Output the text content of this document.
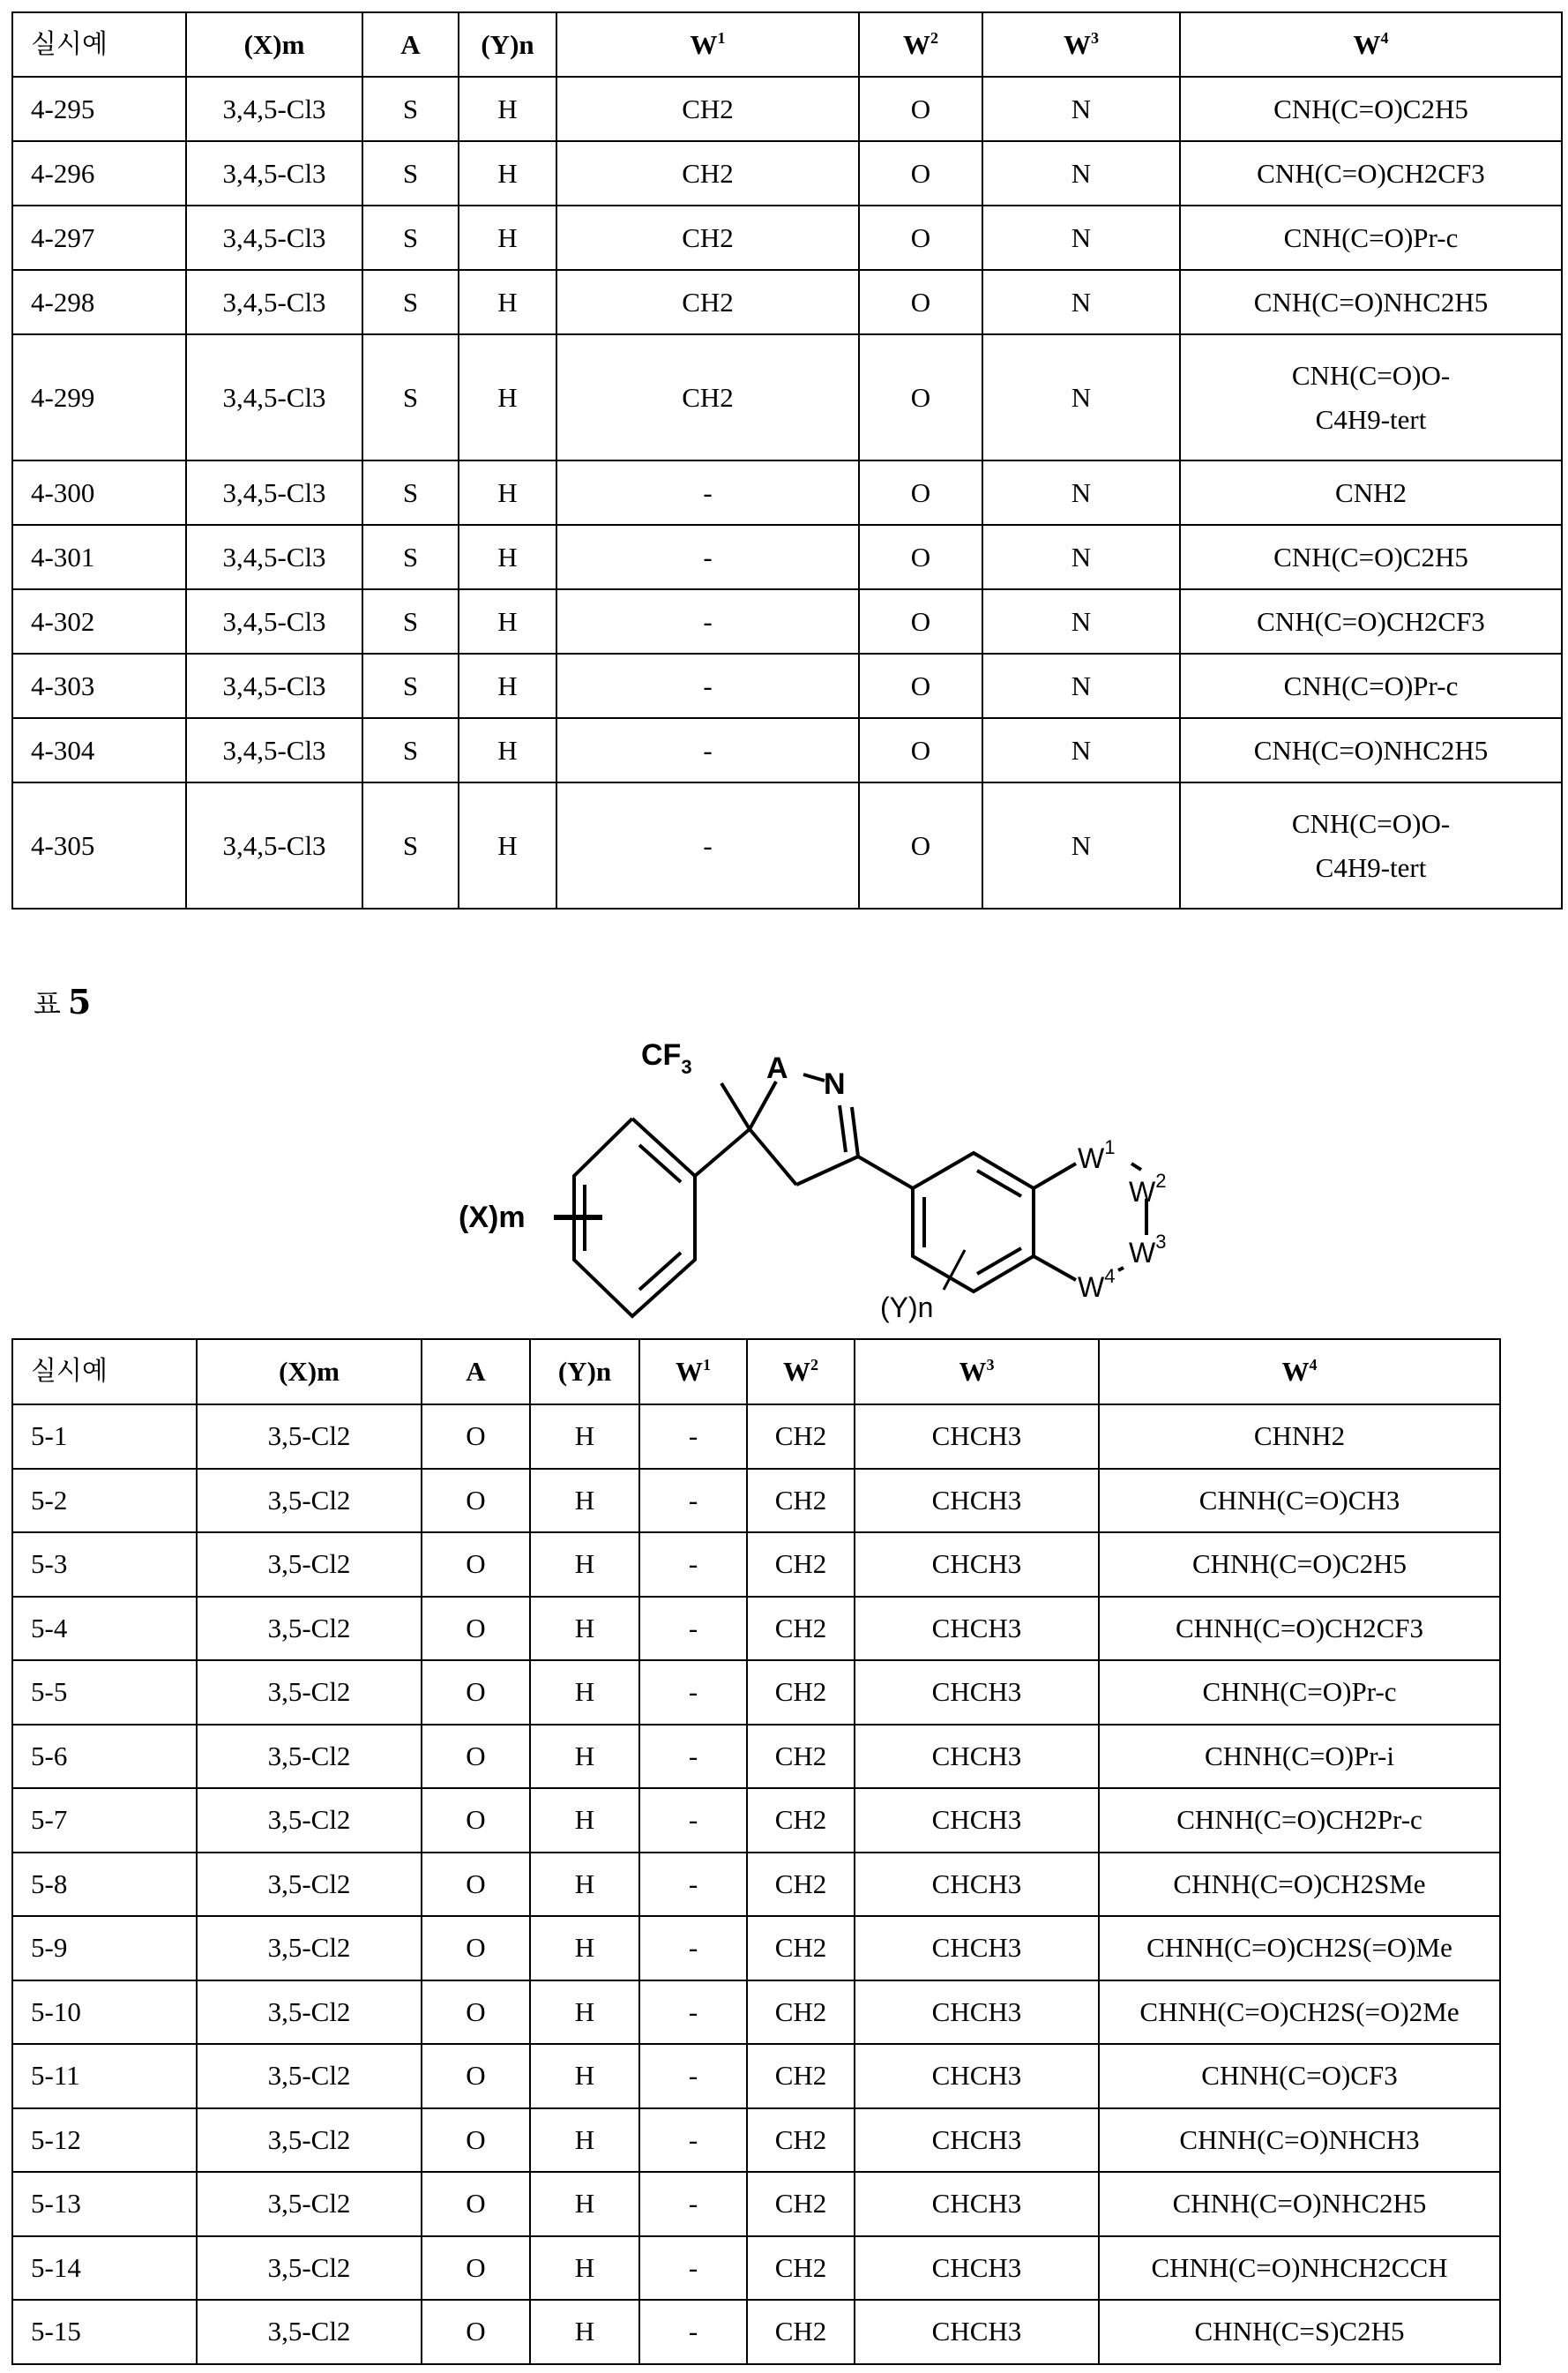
실시예	(X)m	A	(Y)n	$W^1$	$W^2$	$W^3$	$W^4$
4-295	3,4,5-Cl3	S	H	CH2	O	N	CNH(C=O)C2H5
4-296	3,4,5-Cl3	S	H	CH2	O	N	CNH(C=O)CH2CF3
4-297	3,4,5-Cl3	S	H	CH2	O	N	CNH(C=O)Pr-c
4-298	3,4,5-Cl3	S	H	CH2	O	N	CNH(C=O)NHC2H5
4-299	3,4,5-Cl3	S	H	CH2	O	N	CNH(C=O)O-
C4H9-tert

4-300	3,4,5-Cl3	S	H	-	O	N	CNH2
4-301	3,4,5-Cl3	S	H	-	O	N	CNH(C=O)C2H5
4-302	3,4,5-Cl3	S	H	-	O	N	CNH(C=O)CH2CF3
4-303	3,4,5-Cl3	S	H	-	O	N	CNH(C=O)Pr-c
4-304	3,4,5-Cl3	S	H	-	O	N	CNH(C=O)NHC2H5
4-305	3,4,5-Cl3	S	H	-	O	N	CNH(C=O)O-
C4H9-tert
표 5
$CF_3$ A N
(X)m
(Y)n
$W^1$
$W^2$
$W^3$
$W^4$
실시예	(X)m	A	(Y)n	$W^1$	$W^2$	$W^3$	$W^4$
5-1	3,5-Cl2	O	H	-	CH2	CHCH3	CHNH2
5-2	3,5-Cl2	O	H	-	CH2	CHCH3	CHNH(C=O)CH3
5-3	3,5-Cl2	O	H	-	CH2	CHCH3	CHNH(C=O)C2H5
5-4	3,5-Cl2	O	H	-	CH2	CHCH3	CHNH(C=O)CH2CF3
5-5	3,5-Cl2	O	H	-	CH2	CHCH3	CHNH(C=O)Pr-c
5-6	3,5-Cl2	O	H	-	CH2	CHCH3	CHNH(C=O)Pr-i
5-7	3,5-Cl2	O	H	-	CH2	CHCH3	CHNH(C=O)CH2Pr-c
5-8	3,5-Cl2	O	H	-	CH2	CHCH3	CHNH(C=O)CH2SMe
5-9	3,5-Cl2	O	H	-	CH2	CHCH3	CHNH(C=O)CH2S(=O)Me
5-10	3,5-Cl2	O	H	-	CH2	CHCH3	CHNH(C=O)CH2S(=O)2Me
5-11	3,5-Cl2	O	H	-	CH2	CHCH3	CHNH(C=O)CF3
5-12	3,5-Cl2	O	H	-	CH2	CHCH3	CHNH(C=O)NHCH3
5-13	3,5-Cl2	O	H	-	CH2	CHCH3	CHNH(C=O)NHC2H5
5-14	3,5-Cl2	O	H	-	CH2	CHCH3	CHNH(C=O)NHCH2CCH
5-15	3,5-Cl2	O	H	-	CH2	CHCH3	CHNH(C=S)C2H5
